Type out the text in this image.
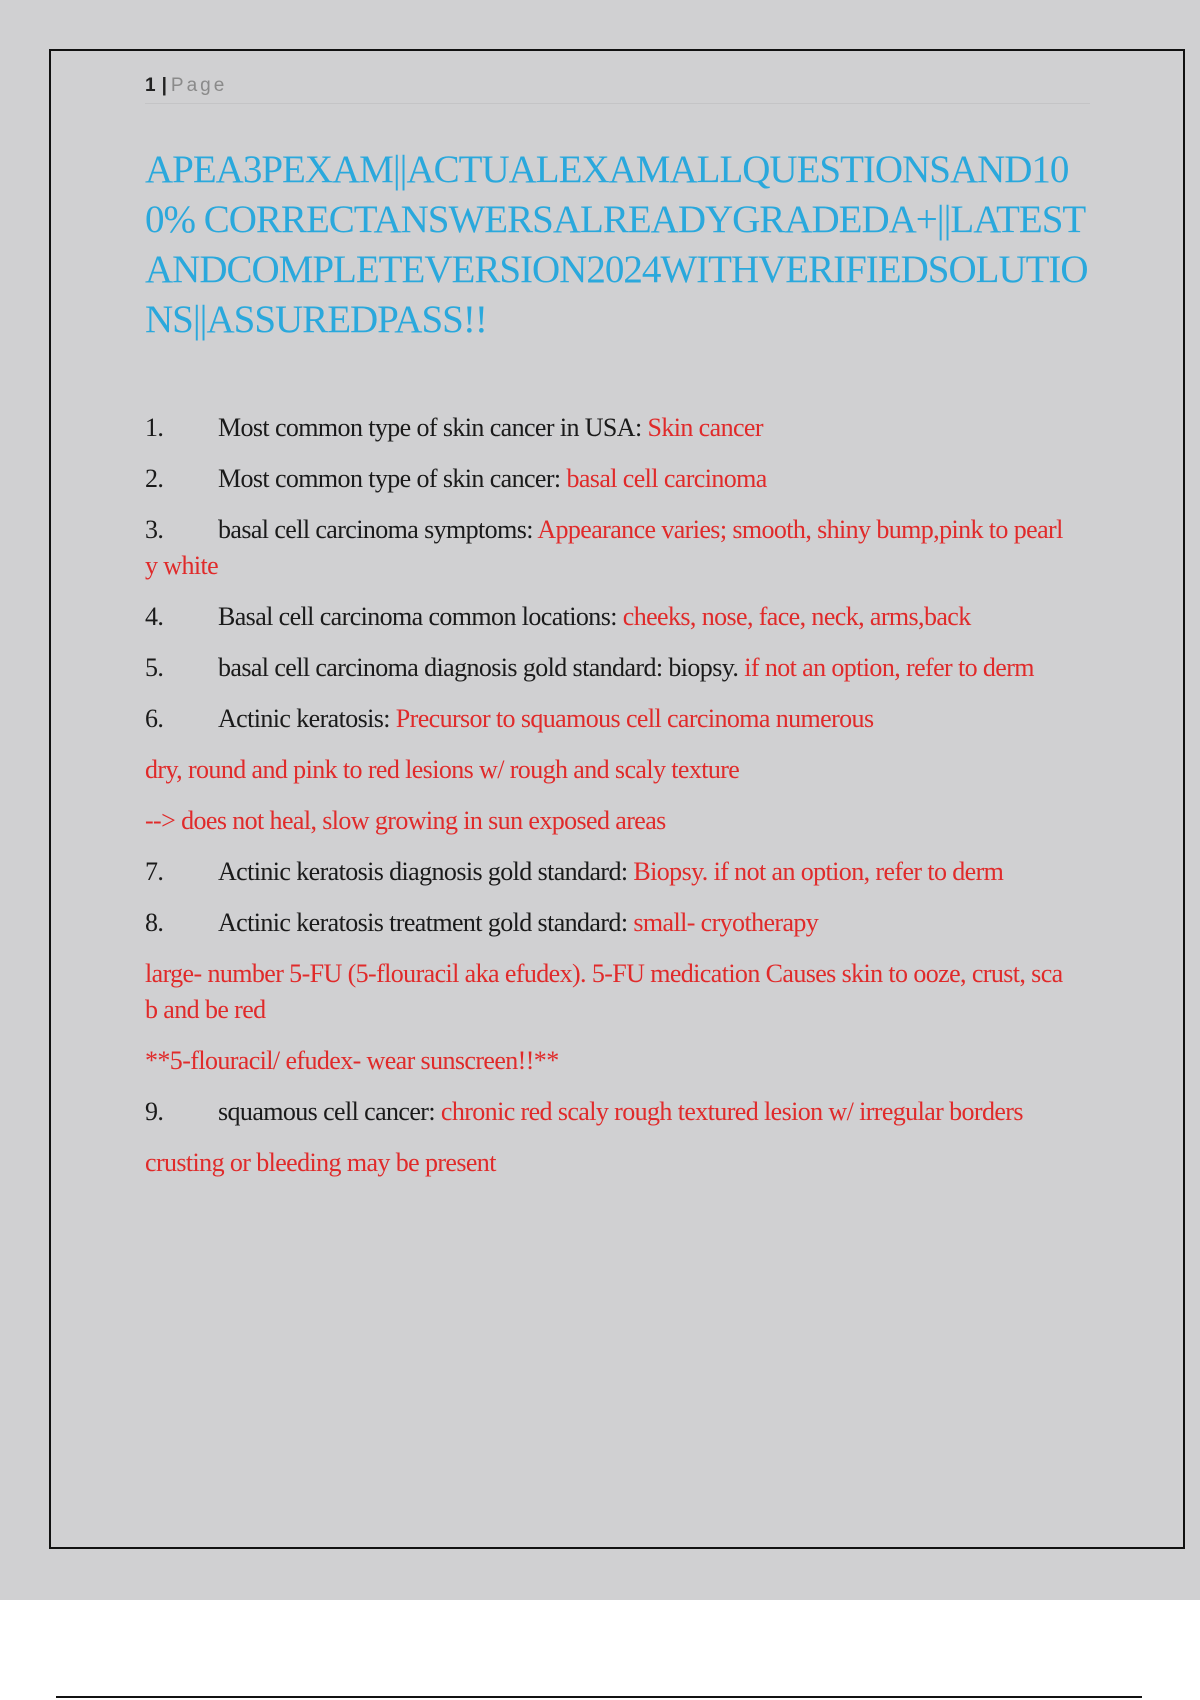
1 | Page
APEA3PEXAM||ACTUALEXAMALLQUESTIONSAND100% CORRECTANSWERSALREADYGRADEDA+||LATESTANDCOMPLETEVERSION2024WITHVERIFIEDSOLUTIONS||ASSUREDPASS!!
1. Most common type of skin cancer in USA: Skin cancer
2. Most common type of skin cancer: basal cell carcinoma
3. basal cell carcinoma symptoms: Appearance varies; smooth, shiny bump,pink to pearly white
4. Basal cell carcinoma common locations: cheeks, nose, face, neck, arms,back
5. basal cell carcinoma diagnosis gold standard: biopsy. if not an option, refer to derm
6. Actinic keratosis: Precursor to squamous cell carcinoma numerous
dry, round and pink to red lesions w/ rough and scaly texture
--> does not heal, slow growing in sun exposed areas
7. Actinic keratosis diagnosis gold standard: Biopsy. if not an option, refer to derm
8. Actinic keratosis treatment gold standard: small- cryotherapy
large- number 5-FU (5-flouracil aka efudex). 5-FU medication Causes skin to ooze, crust, scab and be red
**5-flouracil/ efudex- wear sunscreen!!**
9. squamous cell cancer: chronic red scaly rough textured lesion w/ irregular borders
crusting or bleeding may be present
